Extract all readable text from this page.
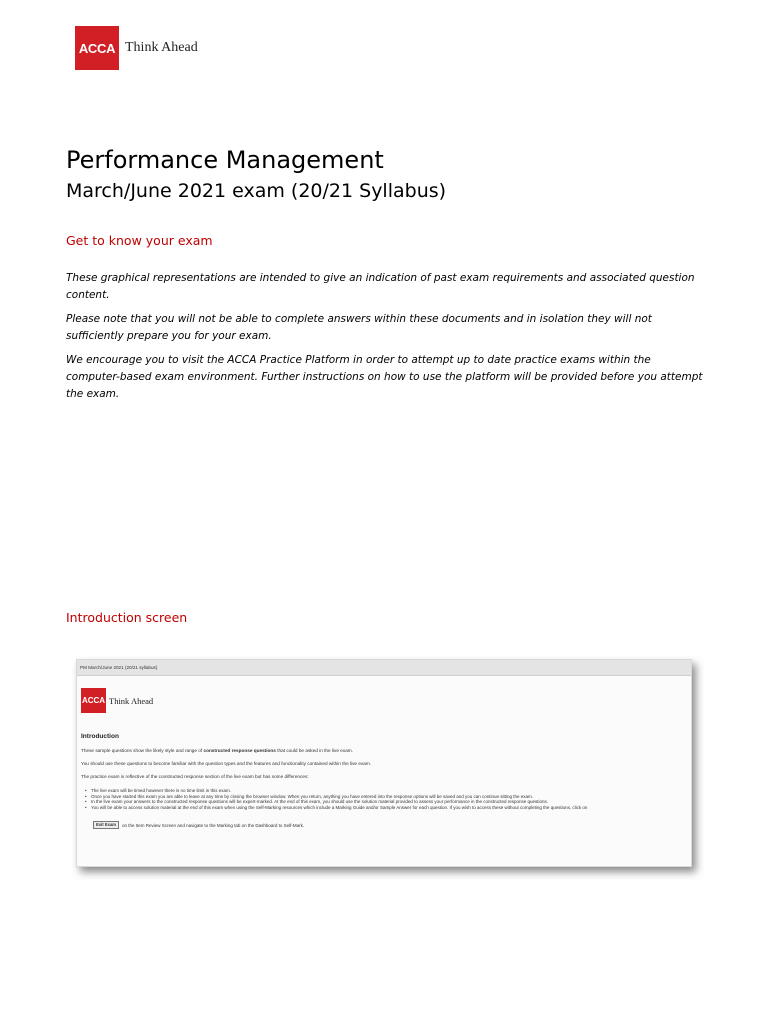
ACCA Think Ahead
Performance Management
March/June 2021 exam (20/21 Syllabus)
Get to know your exam

These graphical representations are intended to give an indication of past exam requirements and associated question content.

Please note that you will not be able to complete answers within these documents and in isolation they will not sufficiently prepare you for your exam.

We encourage you to visit the ACCA Practice Platform in order to attempt up to date practice exams within the computer-based exam environment. Further instructions on how to use the platform will be provided before you attempt the exam.

Introduction screen
PM March/June 2021 (20/21 syllabus)
ACCA Think Ahead
Introduction

These sample questions show the likely style and range of constructed response questions that could be asked in the live exam.

You should use these questions to become familiar with the question types and the features and functionality contained within the live exam.

The practice exam is reflective of the constructed response section of the live exam but has some differences:

• The live exam will be timed however there is no time limit in this exam.
• Once you have started this exam you are able to leave at any time by closing the browser window. When you return, anything you have entered into the response options will be saved and you can continue sitting the exam.
• In the live exam your answers to the constructed response questions will be expert-marked. At the end of this exam, you should use the solution material provided to assess your performance in the constructed response questions.
• You will be able to access solution material at the end of this exam when using the Self-Marking resources which include a Marking Guide and/or Sample Answer for each question. If you wish to access these without completing the questions, click on
Exit Exam	on the Item Review Screen and navigate to the Marking tab on the Dashboard to Self-Mark.
